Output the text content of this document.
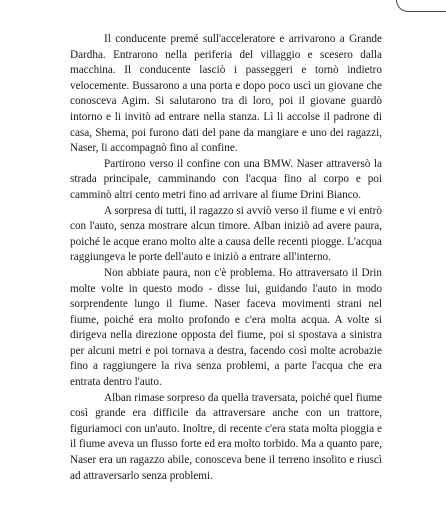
Il conducente premé sull'acceleratore e arrivarono a Grande Dardha. Entrarono nella periferia del villaggio e scesero dalla macchina. Il conducente lasciò i passeggeri e tornò indietro velocemente. Bussarono a una porta e dopo poco uscì un giovane che conosceva Agim. Si salutarono tra di loro, poi il giovane guardò intorno e li invitò ad entrare nella stanza. Lì li accolse il padrone di casa, Shema, poi furono dati del pane da mangiare e uno dei ragazzi, Naser, li accompagnò fino al confine.

Partirono verso il confine con una BMW. Naser attraversò la strada principale, camminando con l'acqua fino al corpo e poi camminò altri cento metri fino ad arrivare al fiume Drini Bianco.

A sorpresa di tutti, il ragazzo si avviò verso il fiume e vi entrò con l'auto, senza mostrare alcun timore. Alban iniziò ad avere paura, poiché le acque erano molto alte a causa delle recenti piogge. L'acqua raggiungeva le porte dell'auto e iniziò a entrare all'interno.

Non abbiate paura, non c'è problema. Ho attraversato il Drin molte volte in questo modo - disse lui, guidando l'auto in modo sorprendente lungo il fiume. Naser faceva movimenti strani nel fiume, poiché era molto profondo e c'era molta acqua. A volte si dirigeva nella direzione opposta del fiume, poi si spostava a sinistra per alcuni metri e poi tornava a destra, facendo così molte acrobazie fino a raggiungere la riva senza problemi, a parte l'acqua che era entrata dentro l'auto.

Alban rimase sorpreso da quella traversata, poiché quel fiume così grande era difficile da attraversare anche con un trattore, figuriamoci con un'auto. Inoltre, di recente c'era stata molta pioggia e il fiume aveva un flusso forte ed era molto torbido. Ma a quanto pare, Naser era un ragazzo abile, conosceva bene il terreno insolito e riuscì ad attraversarlo senza problemi.
